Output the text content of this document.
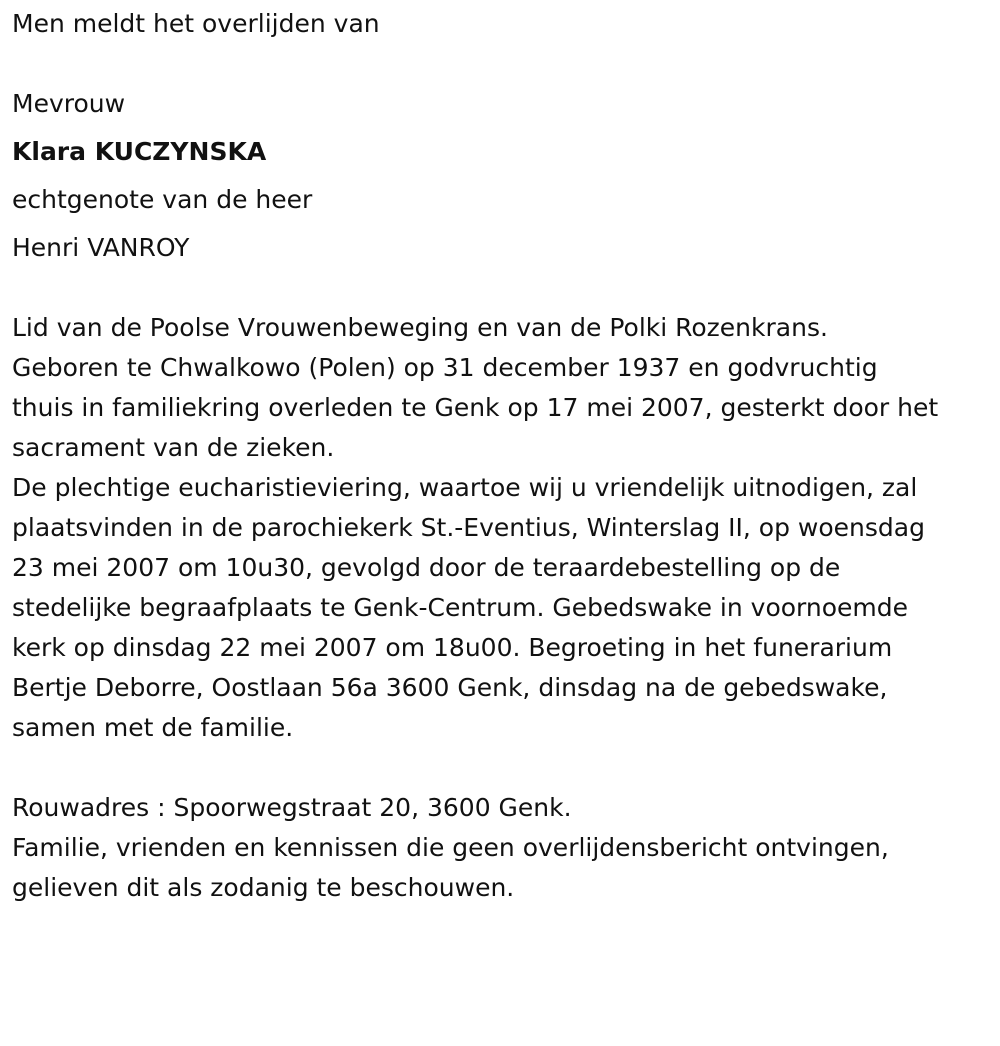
Men meldt het overlijden van

Mevrouw

Klara KUCZYNSKA

echtgenote van de heer

Henri VANROY

Lid van de Poolse Vrouwenbeweging en van de Polki Rozenkrans.

Geboren te Chwalkowo (Polen) op 31 december 1937 en godvruchtig
thuis in familiekring overleden te Genk op 17 mei 2007, gesterkt door het
sacrament van de zieken.
De plechtige eucharistieviering, waartoe wij u vriendelijk uitnodigen, zal
plaatsvinden in de parochiekerk St.-Eventius, Winterslag II, op woensdag
23 mei 2007 om 10u30, gevolgd door de teraardebestelling op de
stedelijke begraafplaats te Genk-Centrum. Gebedswake in voornoemde
kerk op dinsdag 22 mei 2007 om 18u00. Begroeting in het funerarium
Bertje Deborre, Oostlaan 56a 3600 Genk, dinsdag na de gebedswake,
samen met de familie.

Rouwadres : Spoorwegstraat 20, 3600 Genk.

Familie, vrienden en kennissen die geen overlijdensbericht ontvingen,
gelieven dit als zodanig te beschouwen.
